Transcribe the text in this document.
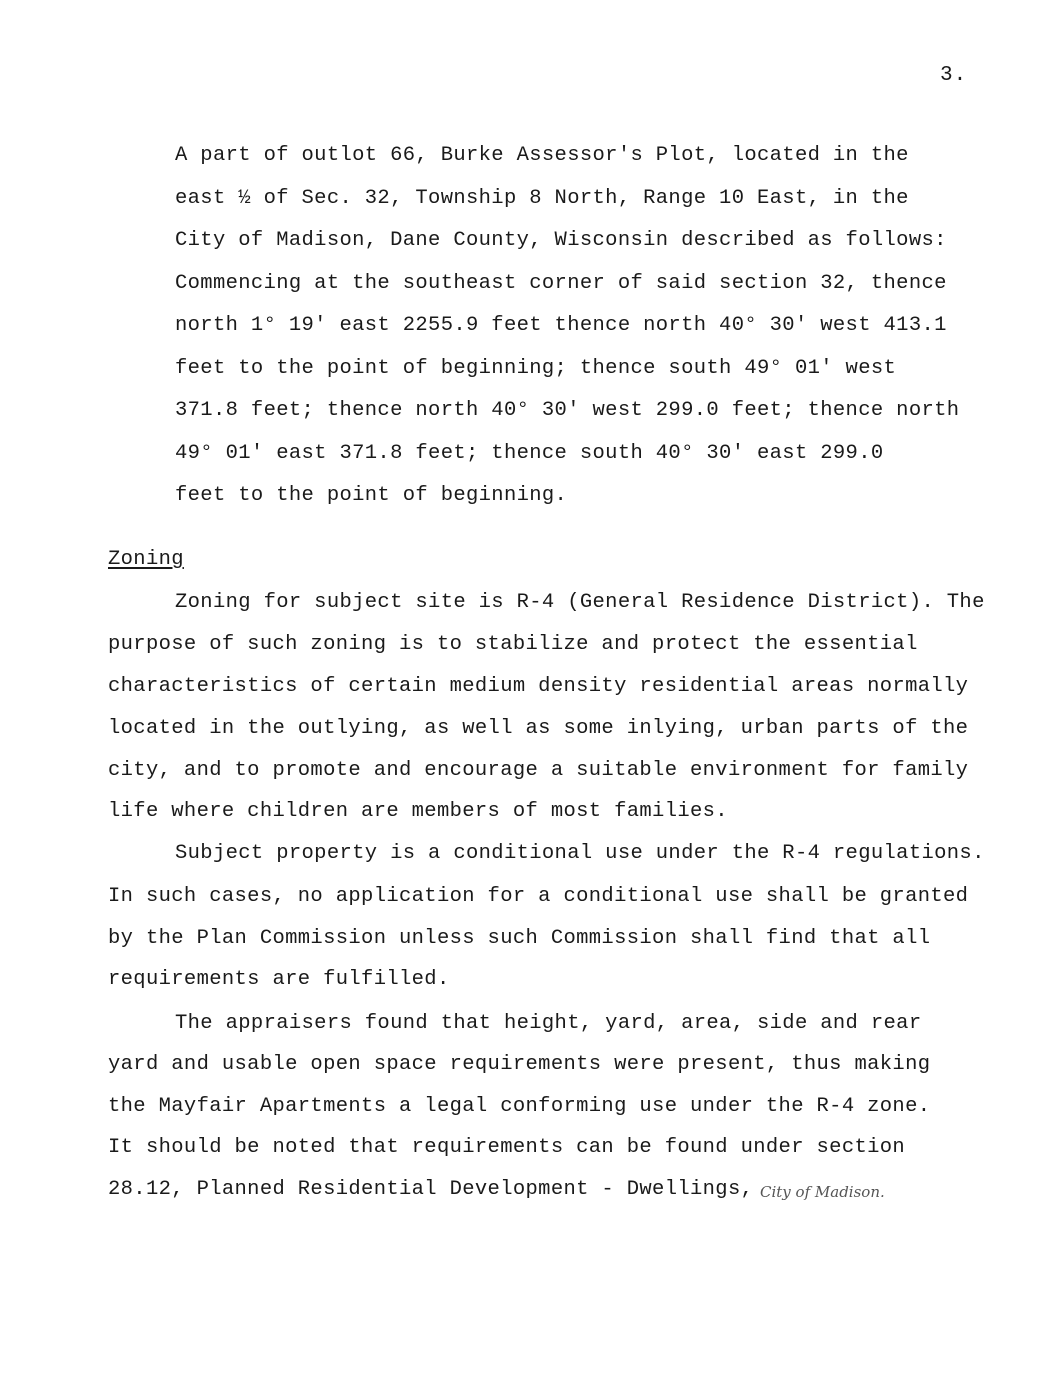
3.
A part of outlot 66, Burke Assessor's Plot, located in the
east ½ of Sec. 32, Township 8 North, Range 10 East, in the
City of Madison, Dane County, Wisconsin described as follows:
Commencing at the southeast corner of said section 32, thence
north 1° 19' east 2255.9 feet thence north 40° 30' west 413.1
feet to the point of beginning; thence south 49° 01' west
371.8 feet; thence north 40° 30' west 299.0 feet; thence north
49° 01' east 371.8 feet; thence south 40° 30' east 299.0
feet to the point of beginning.
Zoning
Zoning for subject site is R-4 (General Residence District). The
purpose of such zoning is to stabilize and protect the essential
characteristics of certain medium density residential areas normally
located in the outlying, as well as some inlying, urban parts of the
city, and to promote and encourage a suitable environment for family
life where children are members of most families.
Subject property is a conditional use under the R-4 regulations.
In such cases, no application for a conditional use shall be granted
by the Plan Commission unless such Commission shall find that all
requirements are fulfilled.
The appraisers found that height, yard, area, side and rear
yard and usable open space requirements were present, thus making
the Mayfair Apartments a legal conforming use under the R-4 zone.
It should be noted that requirements can be found under section
28.12, Planned Residential Development - Dwellings, City of Madison.
